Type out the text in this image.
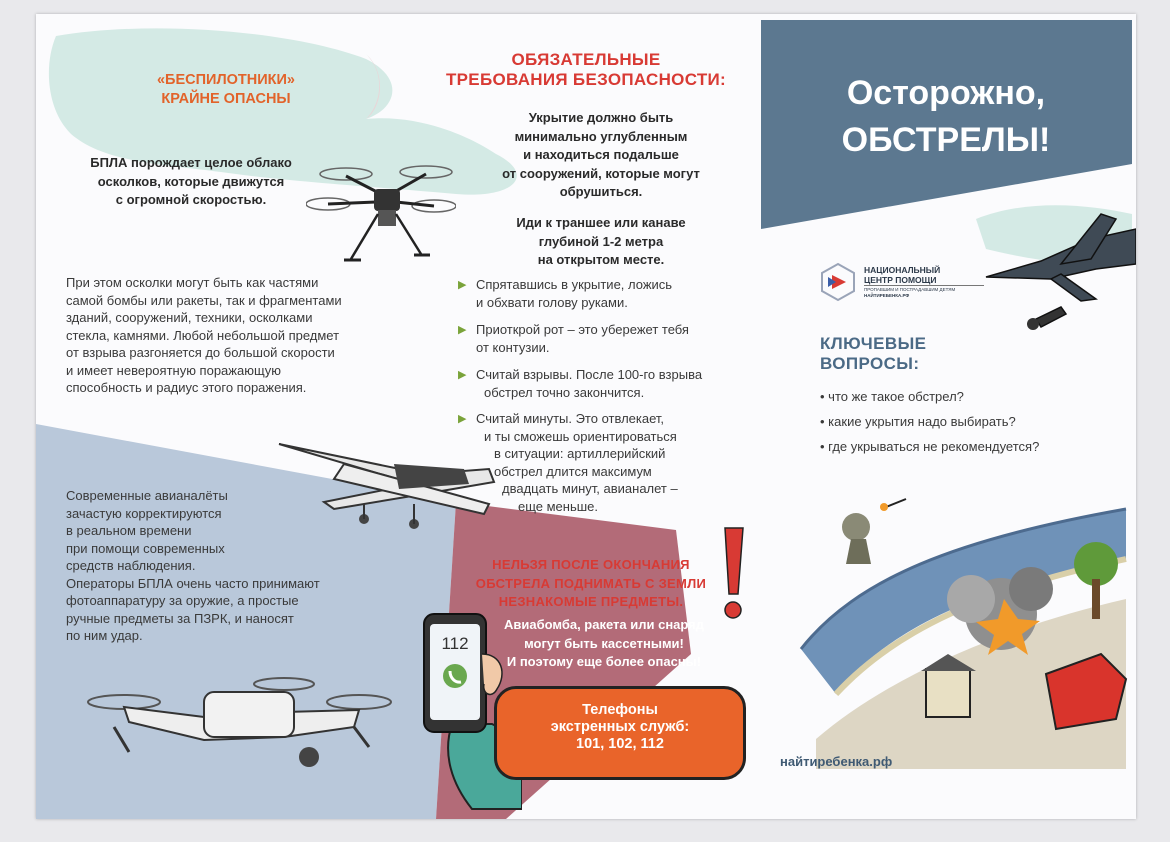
«БЕСПИЛОТНИКИ»
КРАЙНЕ ОПАСНЫ
БПЛА порождает целое облако
осколков, которые движутся
с огромной скоростью.
При этом осколки могут быть как частями
самой бомбы или ракеты, так и фрагментами
зданий, сооружений, техники, осколками
стекла, камнями. Любой небольшой предмет
от взрыва разгоняется до большой скорости
и имеет невероятную поражающую
способность и радиус этого поражения.
Современные авианалёты
зачастую корректируются
в реальном времени
при помощи современных
средств наблюдения.
Операторы БПЛА очень часто принимают
фотоаппаратуру за оружие, а простые
ручные предметы за ПЗРК, и наносят
по ним удар.
ОБЯЗАТЕЛЬНЫЕ
ТРЕБОВАНИЯ БЕЗОПАСНОСТИ:
Укрытие должно быть
минимально углубленным
и находиться подальше
от сооружений, которые могут
обрушиться.
Иди к траншее или канаве
глубиной 1-2 метра
на открытом месте.
▶ Спрятавшись в укрытие, ложись
и обхвати голову руками.
▶ Приоткрой рот – это убережет тебя
от контузии.
▶ Считай взрывы. После 100-го взрыва
обстрел точно закончится.
▶ Считай минуты. Это отвлекает,
и ты сможешь ориентироваться
в ситуации: артиллерийский
обстрел длится максимум
двадцать минут, авианалет –
еще меньше.
НЕЛЬЗЯ ПОСЛЕ ОКОНЧАНИЯ
ОБСТРЕЛА ПОДНИМАТЬ С ЗЕМЛИ
НЕЗНАКОМЫЕ ПРЕДМЕТЫ.
Авиабомба, ракета или снаряд
могут быть кассетными!
И поэтому еще более опасны!
112
Телефоны
экстренных служб:
101, 102, 112
Осторожно,
ОБСТРЕЛЫ!
НАЦИОНАЛЬНЫЙ
ЦЕНТР ПОМОЩИ
ПРОПАВШИМ И ПОСТРАДАВШИМ ДЕТЯМ
НАЙТИРЕБЕНКА.РФ
КЛЮЧЕВЫЕ
ВОПРОСЫ:
• что же такое обстрел?
• какие укрытия надо выбирать?
• где укрываться не рекомендуется?
найтиребенка.рф
